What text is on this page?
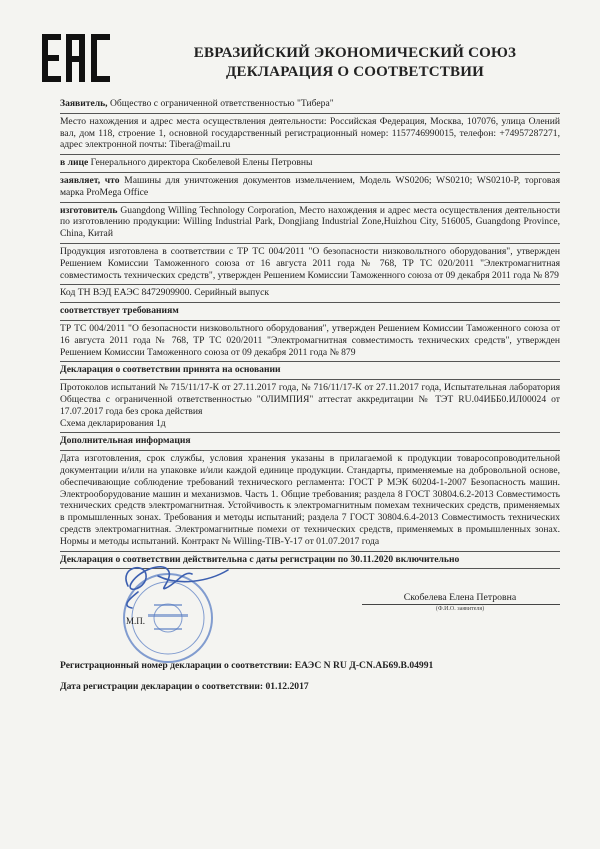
ЕВРАЗИЙСКИЙ ЭКОНОМИЧЕСКИЙ СОЮЗ
ДЕКЛАРАЦИЯ О СООТВЕТСТВИИ
Заявитель, Общество с ограниченной ответственностью "Тибера"
Место нахождения и адрес места осуществления деятельности: Российская Федерация, Москва, 107076, улица Олений вал, дом 118, строение 1, основной государственный регистрационный номер: 1157746990015, телефон: +74957287271, адрес электронной почты: Tibera@mail.ru
в лице Генерального директора Скобелевой Елены Петровны
заявляет, что Машины для уничтожения документов измельчением, Модель WS0206; WS0210; WS0210-P, торговая марка ProMega Office
изготовитель Guangdong Willing Technology Corporation, Место нахождения и адрес места осуществления деятельности по изготовлению продукции: Willing Industrial Park, Dongjiang Industrial Zone,Huizhou City, 516005, Guangdong Province, China, Китай
Продукция изготовлена в соответствии с ТР ТС 004/2011 "О безопасности низковольтного оборудования", утвержден Решением Комиссии Таможенного союза от 16 августа 2011 года № 768, ТР ТС 020/2011 "Электромагнитная совместимость технических средств", утвержден Решением Комиссии Таможенного союза от 09 декабря 2011 года № 879
Код ТН ВЭД ЕАЭС 8472909900. Серийный выпуск
соответствует требованиям
ТР ТС 004/2011 "О безопасности низковольтного оборудования", утвержден Решением Комиссии Таможенного союза от 16 августа 2011 года № 768, ТР ТС 020/2011 "Электромагнитная совместимость технических средств", утвержден Решением Комиссии Таможенного союза от 09 декабря 2011 года № 879
Декларация о соответствии принята на основании
Протоколов испытаний № 715/11/17-К от 27.11.2017 года, № 716/11/17-К от 27.11.2017 года, Испытательная лаборатория Общества с ограниченной ответственностью "ОЛИМПИЯ" аттестат аккредитации № ТЭТ RU.04ИББ0.ИЛ00024 от 17.07.2017 года без срока действия
Схема декларирования 1д
Дополнительная информация
Дата изготовления, срок службы, условия хранения указаны в прилагаемой к продукции товаросопроводительной документации и/или на упаковке и/или каждой единице продукции. Стандарты, применяемые на добровольной основе, обеспечивающие соблюдение требований технического регламента: ГОСТ Р МЭК 60204-1-2007 Безопасность машин. Электрооборудование машин и механизмов. Часть 1. Общие требования; раздела 8 ГОСТ 30804.6.2-2013 Совместимость технических средств электромагнитная. Устойчивость к электромагнитным помехам технических средств, применяемых в промышленных зонах. Требования и методы испытаний; раздела 7 ГОСТ 30804.6.4-2013 Совместимость технических средств электромагнитная. Электромагнитные помехи от технических средств, применяемых в промышленных зонах. Нормы и методы испытаний. Контракт № Willing-TIB-Y-17 от 01.07.2017 года
Декларация о соответствии действительна с даты регистрации по 30.11.2020 включительно
М.П.
Скобелева Елена Петровна
(Ф.И.О. заявителя)
Регистрационный номер декларации о соответствии: ЕАЭС N RU Д-CN.АБ69.В.04991
Дата регистрации декларации о соответствии: 01.12.2017
